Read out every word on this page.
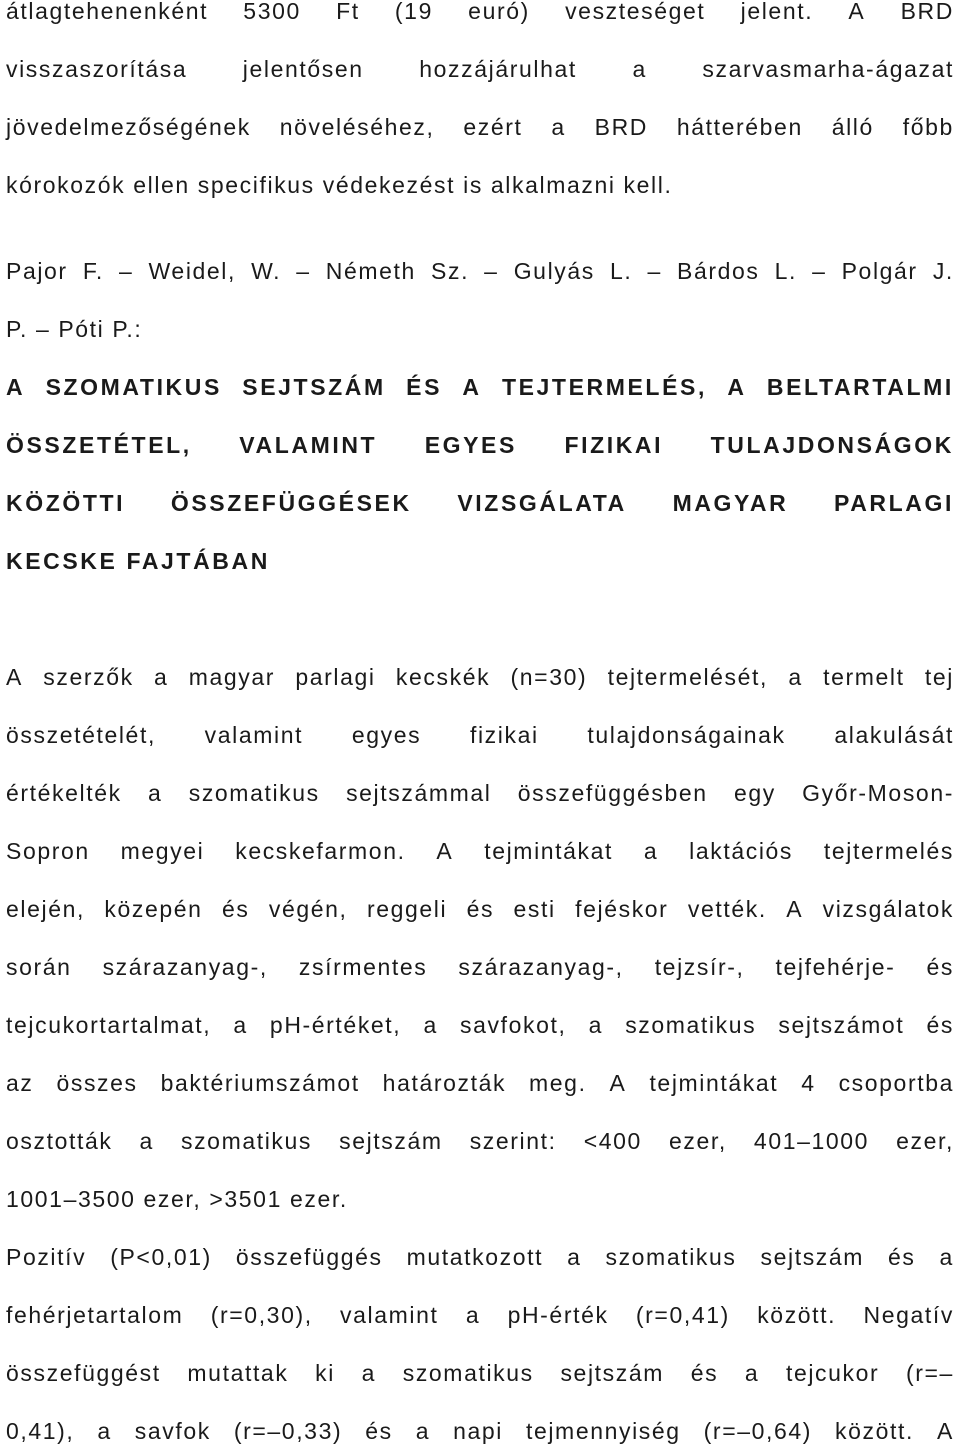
átlagtehenenként 5300 Ft (19 euró) veszteséget jelent. A BRD
visszaszorítása jelentősen hozzájárulhat a szarvasmarha-ágazat
jövedelmezőségének növeléséhez, ezért a BRD hátterében álló főbb
kórokozók ellen specifikus védekezést is alkalmazni kell.
Pajor F. – Weidel, W. – Németh Sz. – Gulyás L. – Bárdos L. – Polgár J.
P. – Póti P.:
A SZOMATIKUS SEJTSZÁM ÉS A TEJTERMELÉS, A BELTARTALMI
ÖSSZETÉTEL, VALAMINT EGYES FIZIKAI TULAJDONSÁGOK
KÖZÖTTI ÖSSZEFÜGGÉSEK VIZSGÁLATA MAGYAR PARLAGI
KECSKE FAJTÁBAN
A szerzők a magyar parlagi kecskék (n=30) tejtermelését, a termelt tej
összetételét, valamint egyes fizikai tulajdonságainak alakulását
értékelték a szomatikus sejtszámmal összefüggésben egy Győr-Moson-
Sopron megyei kecskefarmon. A tejmintákat a laktációs tejtermelés
elején, közepén és végén, reggeli és esti fejéskor vették. A vizsgálatok
során szárazanyag-, zsírmentes szárazanyag-, tejzsír-, tejfehérje- és
tejcukortartalmat, a pH-értéket, a savfokot, a szomatikus sejtszámot és
az összes baktériumszámot határozták meg. A tejmintákat 4 csoportba
osztották a szomatikus sejtszám szerint: <400 ezer, 401–1000 ezer,
1001–3500 ezer, >3501 ezer.
Pozitív (P<0,01) összefüggés mutatkozott a szomatikus sejtszám és a
fehérjetartalom (r=0,30), valamint a pH-érték (r=0,41) között. Negatív
összefüggést mutattak ki a szomatikus sejtszám és a tejcukor (r=–
0,41), a savfok (r=–0,33) és a napi tejmennyiség (r=–0,64) között. A
